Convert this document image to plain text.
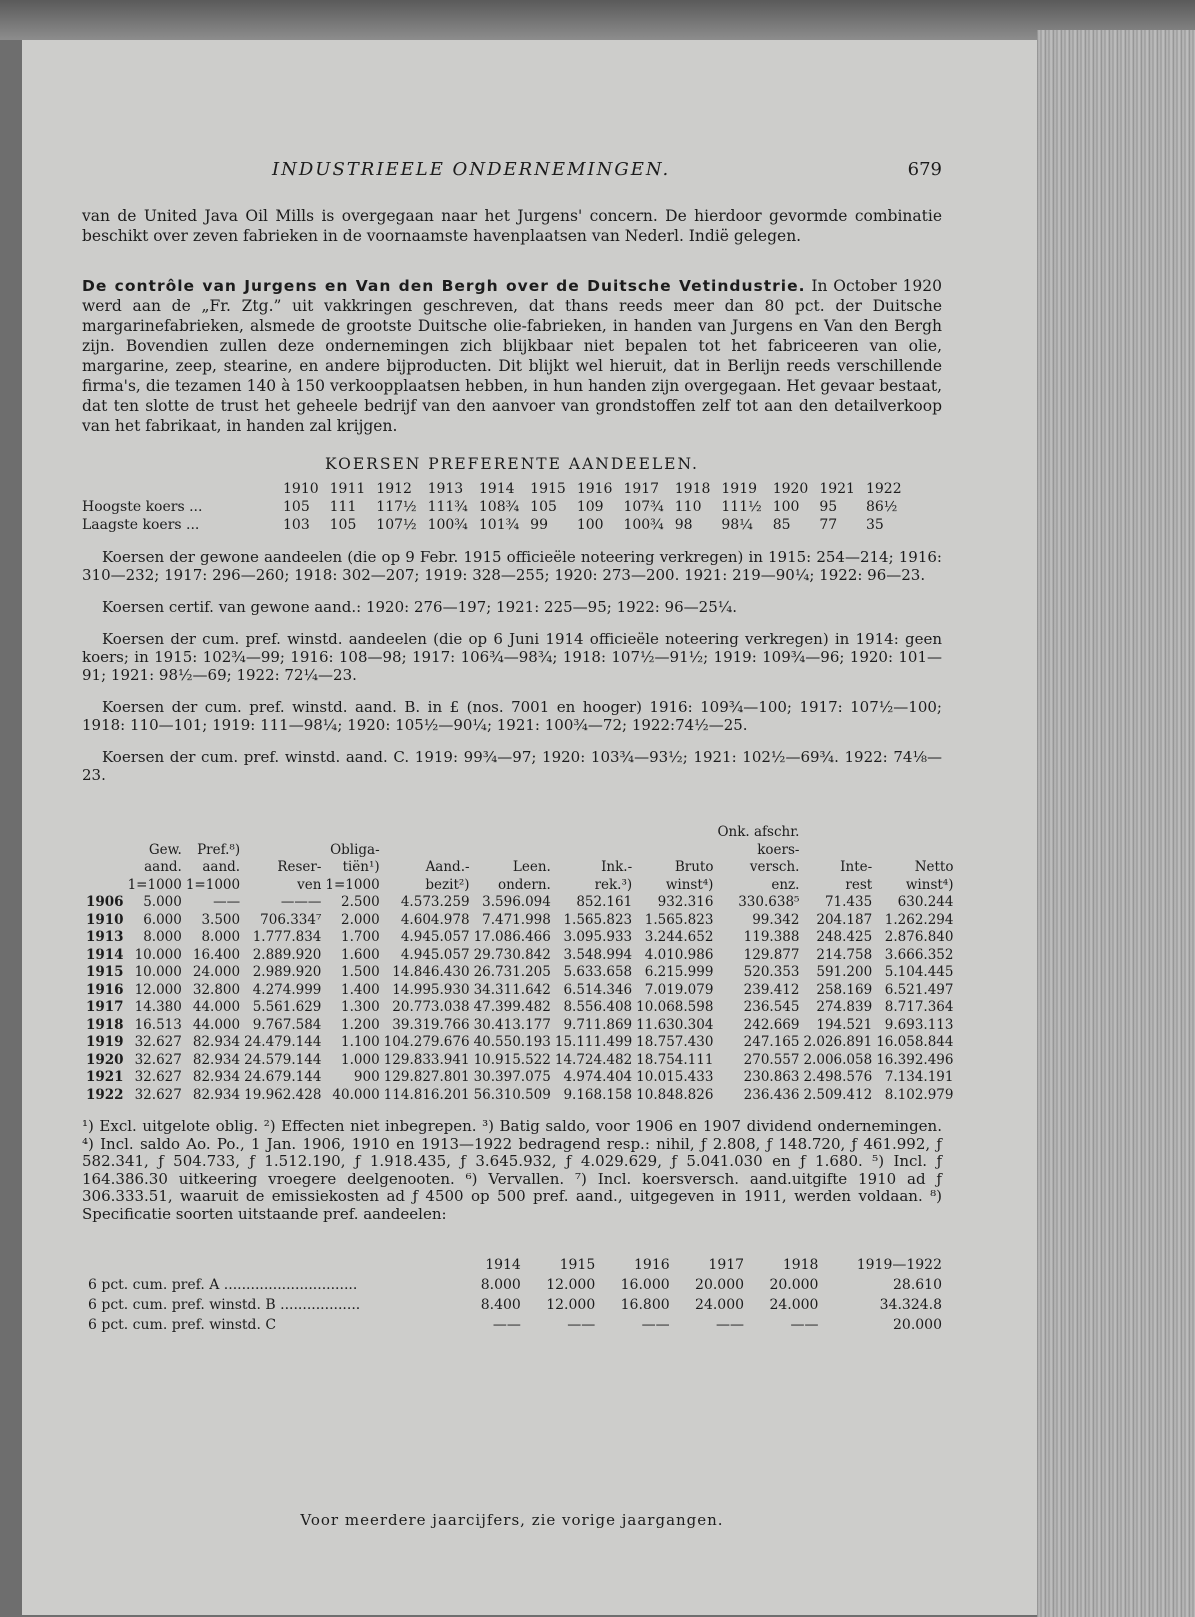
INDUSTRIEELE ONDERNEMINGEN.	679

van de United Java Oil Mills is overgegaan naar het Jurgens' concern. De hierdoor gevormde combinatie beschikt over zeven fabrieken in de voornaamste havenplaatsen van Nederl. Indië gelegen.

De contrôle van Jurgens en Van den Bergh over de Duitsche Vetindustrie. In October 1920 werd aan de „Fr. Ztg.” uit vakkringen geschreven, dat thans reeds meer dan 80 pct. der Duitsche margarinefabrieken, alsmede de grootste Duitsche olie-fabrieken, in handen van Jurgens en Van den Bergh zijn. Bovendien zullen deze ondernemingen zich blijkbaar niet bepalen tot het fabriceeren van olie, margarine, zeep, stearine, en andere bijproducten. Dit blijkt wel hieruit, dat in Berlijn reeds verschillende firma's, die tezamen 140 à 150 verkoopplaatsen hebben, in hun handen zijn overgegaan. Het gevaar bestaat, dat ten slotte de trust het geheele bedrijf van den aanvoer van grondstoffen zelf tot aan den detailverkoop van het fabrikaat, in handen zal krijgen.

KOERSEN PREFERENTE AANDEELEN.
	1910	1911	1912	1913	1914	1915	1916	1917	1918	1919	1920	1921	1922
Hoogste koers ...	105	111	117½	111¾	108¾	105	109	107¾	110	111½	100	95	86½
Laagste koers ...	103	105	107½	100¾	101¾	99	100	100¾	98	98¼	85	77	35

Koersen der gewone aandeelen (die op 9 Febr. 1915 officieële noteering verkregen) in 1915: 254—214; 1916: 310—232; 1917: 296—260; 1918: 302—207; 1919: 328—255; 1920: 273—200. 1921: 219—90¼; 1922: 96—23.

Koersen certif. van gewone aand.: 1920: 276—197; 1921: 225—95; 1922: 96—25¼.

Koersen der cum. pref. winstd. aandeelen (die op 6 Juni 1914 officieële noteering verkregen) in 1914: geen koers; in 1915: 102¾—99; 1916: 108—98; 1917: 106¾—98¾; 1918: 107½—91½; 1919: 109¾—96; 1920: 101—91; 1921: 98½—69; 1922: 72¼—23.

Koersen der cum. pref. winstd. aand. B. in £ (nos. 7001 en hooger) 1916: 109¾—100; 1917: 107½—100; 1918: 110—101; 1919: 111—98¼; 1920: 105½—90¼; 1921: 100¾—72; 1922:74½—25.

Koersen der cum. pref. winstd. aand. C. 1919: 99¾—97; 1920: 103¾—93½; 1921: 102½—69¾. 1922: 74⅛—23.

									Onk. afschr.		
	Gew.	Pref.⁸)		Obliga-					koers-		
	aand.	aand.	Reser-	tiën¹)	Aand.-	Leen.	Ink.-	Bruto	versch.	Inte-	Netto
	1=1000	1=1000	ven	1=1000	bezit²)	ondern.	rek.³)	winst⁴)	enz.	rest	winst⁴)
1906	5.000	——	———	2.500	4.573.259	3.596.094	852.161	932.316	330.638⁵	71.435	630.244
1910	6.000	3.500	706.334⁷	2.000	4.604.978	7.471.998	1.565.823	1.565.823	99.342	204.187	1.262.294
1913	8.000	8.000	1.777.834	1.700	4.945.057	17.086.466	3.095.933	3.244.652	119.388	248.425	2.876.840
1914	10.000	16.400	2.889.920	1.600	4.945.057	29.730.842	3.548.994	4.010.986	129.877	214.758	3.666.352
1915	10.000	24.000	2.989.920	1.500	14.846.430	26.731.205	5.633.658	6.215.999	520.353	591.200	5.104.445
1916	12.000	32.800	4.274.999	1.400	14.995.930	34.311.642	6.514.346	7.019.079	239.412	258.169	6.521.497
1917	14.380	44.000	5.561.629	1.300	20.773.038	47.399.482	8.556.408	10.068.598	236.545	274.839	8.717.364
1918	16.513	44.000	9.767.584	1.200	39.319.766	30.413.177	9.711.869	11.630.304	242.669	194.521	9.693.113
1919	32.627	82.934	24.479.144	1.100	104.279.676	40.550.193	15.111.499	18.757.430	247.165	2.026.891	16.058.844
1920	32.627	82.934	24.579.144	1.000	129.833.941	10.915.522	14.724.482	18.754.111	270.557	2.006.058	16.392.496
1921	32.627	82.934	24.679.144	900	129.827.801	30.397.075	4.974.404	10.015.433	230.863	2.498.576	7.134.191
1922	32.627	82.934	19.962.428	40.000	114.816.201	56.310.509	9.168.158	10.848.826	236.436	2.509.412	8.102.979

¹) Excl. uitgelote oblig. ²) Effecten niet inbegrepen. ³) Batig saldo, voor 1906 en 1907 dividend ondernemingen. ⁴) Incl. saldo Ao. Po., 1 Jan. 1906, 1910 en 1913—1922 bedragend resp.: nihil, ƒ 2.808, ƒ 148.720, ƒ 461.992, ƒ 582.341, ƒ 504.733, ƒ 1.512.190, ƒ 1.918.435, ƒ 3.645.932, ƒ 4.029.629, ƒ 5.041.030 en ƒ 1.680. ⁵) Incl. ƒ 164.386.30 uitkeering vroegere deelgenooten. ⁶) Vervallen. ⁷) Incl. koersversch. aand.uitgifte 1910 ad ƒ 306.333.51, waaruit de emissiekosten ad ƒ 4500 op 500 pref. aand., uitgegeven in 1911, werden voldaan. ⁸) Specificatie soorten uitstaande pref. aandeelen:

	1914	1915	1916	1917	1918	1919—1922
6 pct. cum. pref. A ..............................	8.000	12.000	16.000	20.000	20.000	28.610
6 pct. cum. pref. winstd. B ..................	8.400	12.000	16.800	24.000	24.000	34.324.8
6 pct. cum. pref. winstd. C	——	——	——	——	——	20.000
Voor meerdere jaarcijfers, zie vorige jaargangen.
